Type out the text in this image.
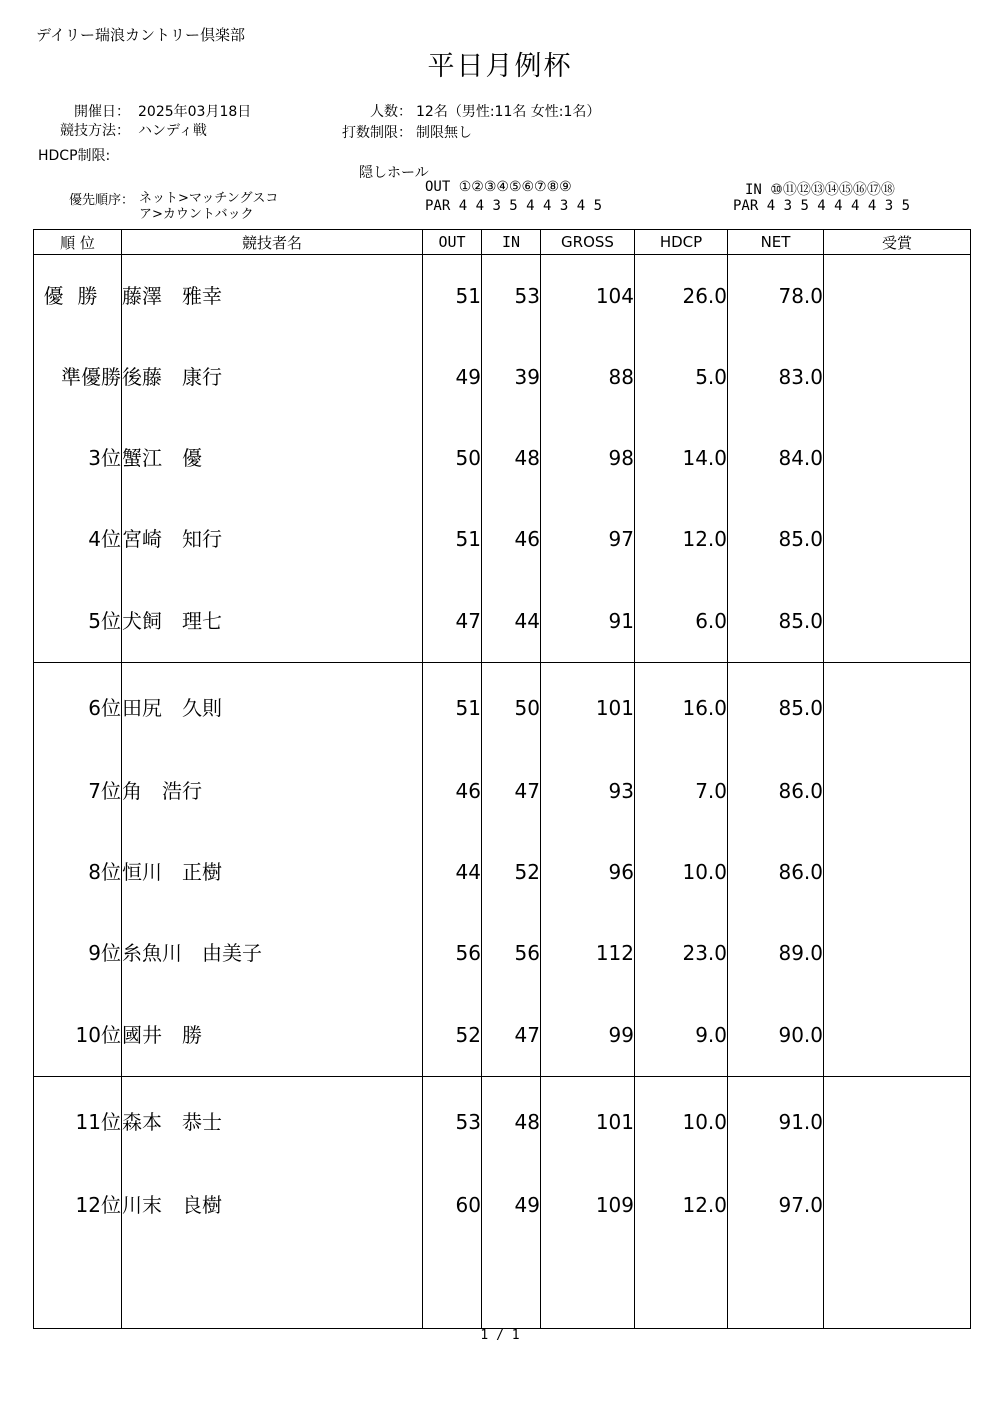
デイリー瑞浪カントリー倶楽部
平日月例杯
開催日： 2025年03月18日
競技方法： ハンディ戦
HDCP制限:
優先順序： ネット>マッチングスコ
ア>カウントバック
人数： 12名（男性:11名 女性:1名）
打数制限： 制限無し
隠しホール
OUT ①②③④⑤⑥⑦⑧⑨
PAR 4 4 3 5 4 4 3 4 5
IN ⑩⑪⑫⑬⑭⑮⑯⑰⑱
PAR 4 3 5 4 4 4 4 3 5
順 位	競技者名	OUT	IN	GROSS	HDCP	NET	受賞
優勝	藤澤　雅幸	51	53	104	26.0	78.0	
準優勝	後藤　康行	49	39	88	5.0	83.0	
3位	蟹江　優	50	48	98	14.0	84.0	
4位	宮崎　知行	51	46	97	12.0	85.0	
5位	犬飼　理七	47	44	91	6.0	85.0	
6位	田尻　久則	51	50	101	16.0	85.0	
7位	角　浩行	46	47	93	7.0	86.0	
8位	恒川　正樹	44	52	96	10.0	86.0	
9位	糸魚川　由美子	56	56	112	23.0	89.0	
10位	國井　勝	52	47	99	9.0	90.0	
11位	森本　恭士	53	48	101	10.0	91.0	
12位	川末　良樹	60	49	109	12.0	97.0	

1 / 1
